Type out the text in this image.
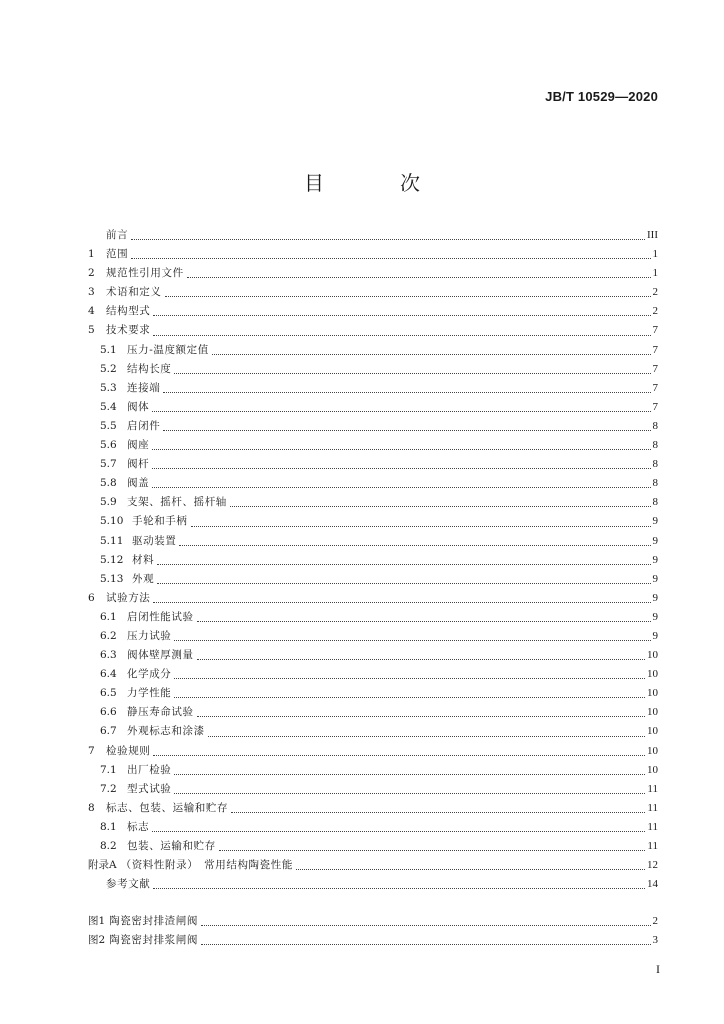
JB/T 10529—2020
目　次
前言	III
1	范围	1
2	规范性引用文件	1
3	术语和定义	2
4	结构型式	2
5	技术要求	7
5.1 压力-温度额定值	7
5.2 结构长度	7
5.3 连接端	7
5.4 阀体	7
5.5 启闭件	8
5.6 阀座	8
5.7 阀杆	8
5.8 阀盖	8
5.9 支架、摇杆、摇杆轴	8
5.10 手轮和手柄	9
5.11 驱动装置	9
5.12 材料	9
5.13 外观	9
6	试验方法	9
6.1 启闭性能试验	9
6.2 压力试验	9
6.3 阀体壁厚测量	10
6.4 化学成分	10
6.5 力学性能	10
6.6 静压寿命试验	10
6.7 外观标志和涂漆	10
7	检验规则	10
7.1 出厂检验	10
7.2 型式试验	11
8	标志、包装、运输和贮存	11
8.1 标志	11
8.2 包装、运输和贮存	11
附录A （资料性附录）　常用结构陶瓷性能	12
参考文献	14
图1 陶瓷密封排渣闸阀	2
图2 陶瓷密封排浆闸阀	3
I
